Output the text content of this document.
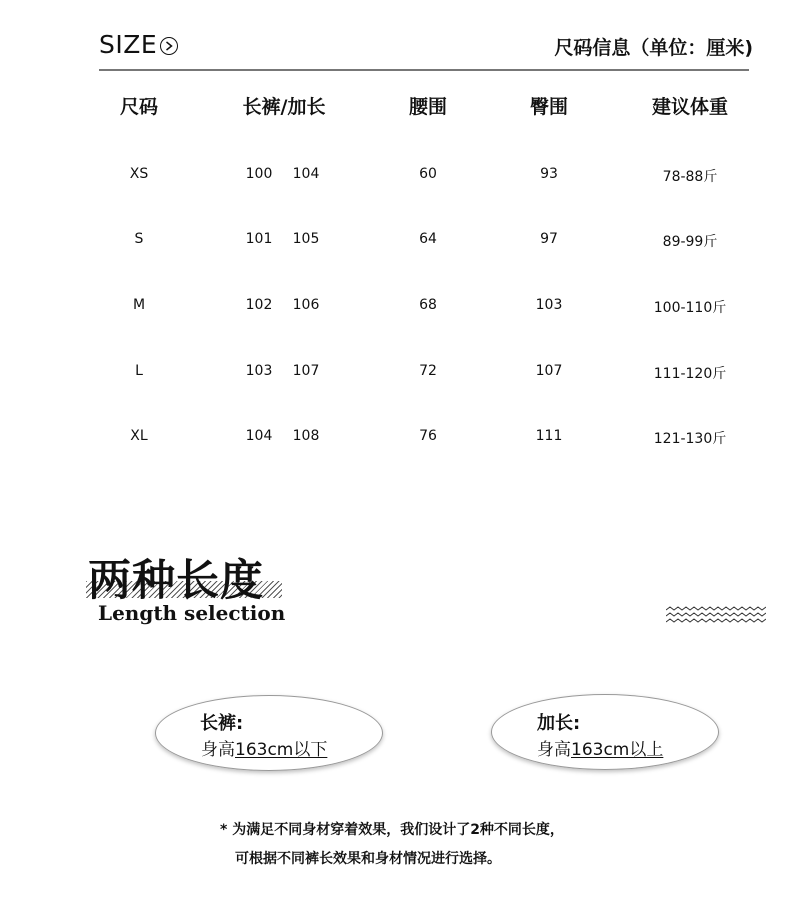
SIZE	尺码信息（单位：厘米)
尺码	长裤/加长	腰围	臀围	建议体重
XS	100	104	60	93	78-88斤
S	101	105	64	97	89-99斤
M	102	106	68	103	100-110斤
L	103	107	72	107	111-120斤
XL	104	108	76	111	121-130斤
两种长度
Length selection
长裤:
身高163cm以下
加长:
身高163cm以上
* 为满足不同身材穿着效果，我们设计了2种不同长度，
可根据不同裤长效果和身材情况进行选择。
